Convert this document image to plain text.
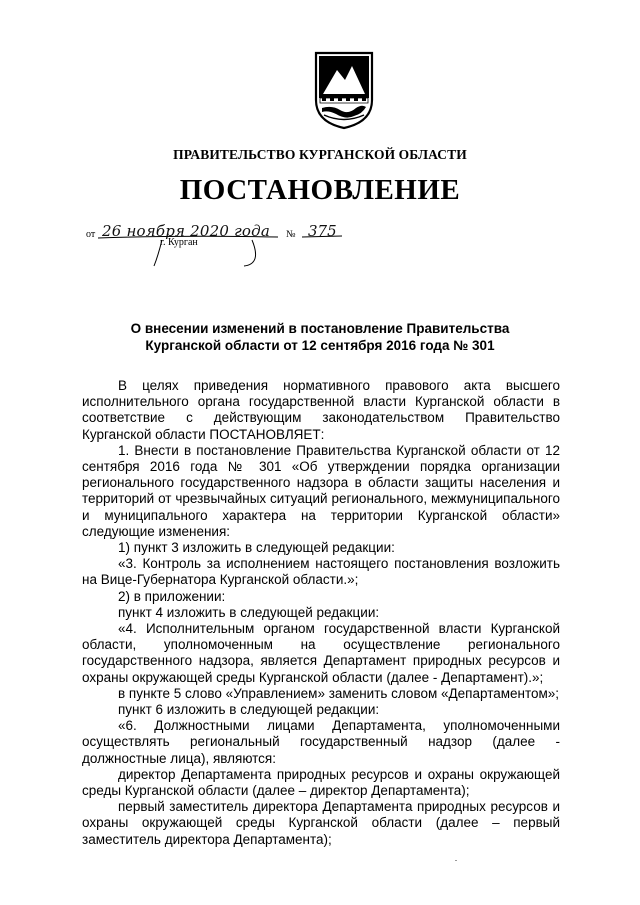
ПРАВИТЕЛЬСТВО КУРГАНСКОЙ ОБЛАСТИ
ПОСТАНОВЛЕНИЕ
от 26 ноября 2020 года № 375
г. Курган
О внесении изменений в постановление Правительства
Курганской области от 12 сентября 2016 года № 301

В целях приведения нормативного правового акта высшего исполнительного органа государственной власти Курганской области в соответствие с действующим законодательством Правительство Курганской области ПОСТАНОВЛЯЕТ:

1. Внести в постановление Правительства Курганской области от 12 сентября 2016 года № 301 «Об утверждении порядка организации регионального государственного надзора в области защиты населения и территорий от чрезвычайных ситуаций регионального, межмуниципального и муниципального характера на территории Курганской области» следующие изменения:

1) пункт 3 изложить в следующей редакции:

«3. Контроль за исполнением настоящего постановления возложить на Вице-Губернатора Курганской области.»;

2) в приложении:

пункт 4 изложить в следующей редакции:

«4. Исполнительным органом государственной власти Курганской области, уполномоченным на осуществление регионального государственного надзора, является Департамент природных ресурсов и охраны окружающей среды Курганской области (далее - Департамент).»;

в пункте 5 слово «Управлением» заменить словом «Департаментом»;

пункт 6 изложить в следующей редакции:

«6. Должностными лицами Департамента, уполномоченными осуществлять региональный государственный надзор (далее - должностные лица), являются:

директор Департамента природных ресурсов и охраны окружающей среды Курганской области (далее – директор Департамента);

первый заместитель директора Департамента природных ресурсов и охраны окружающей среды Курганской области (далее – первый заместитель директора Департамента);
